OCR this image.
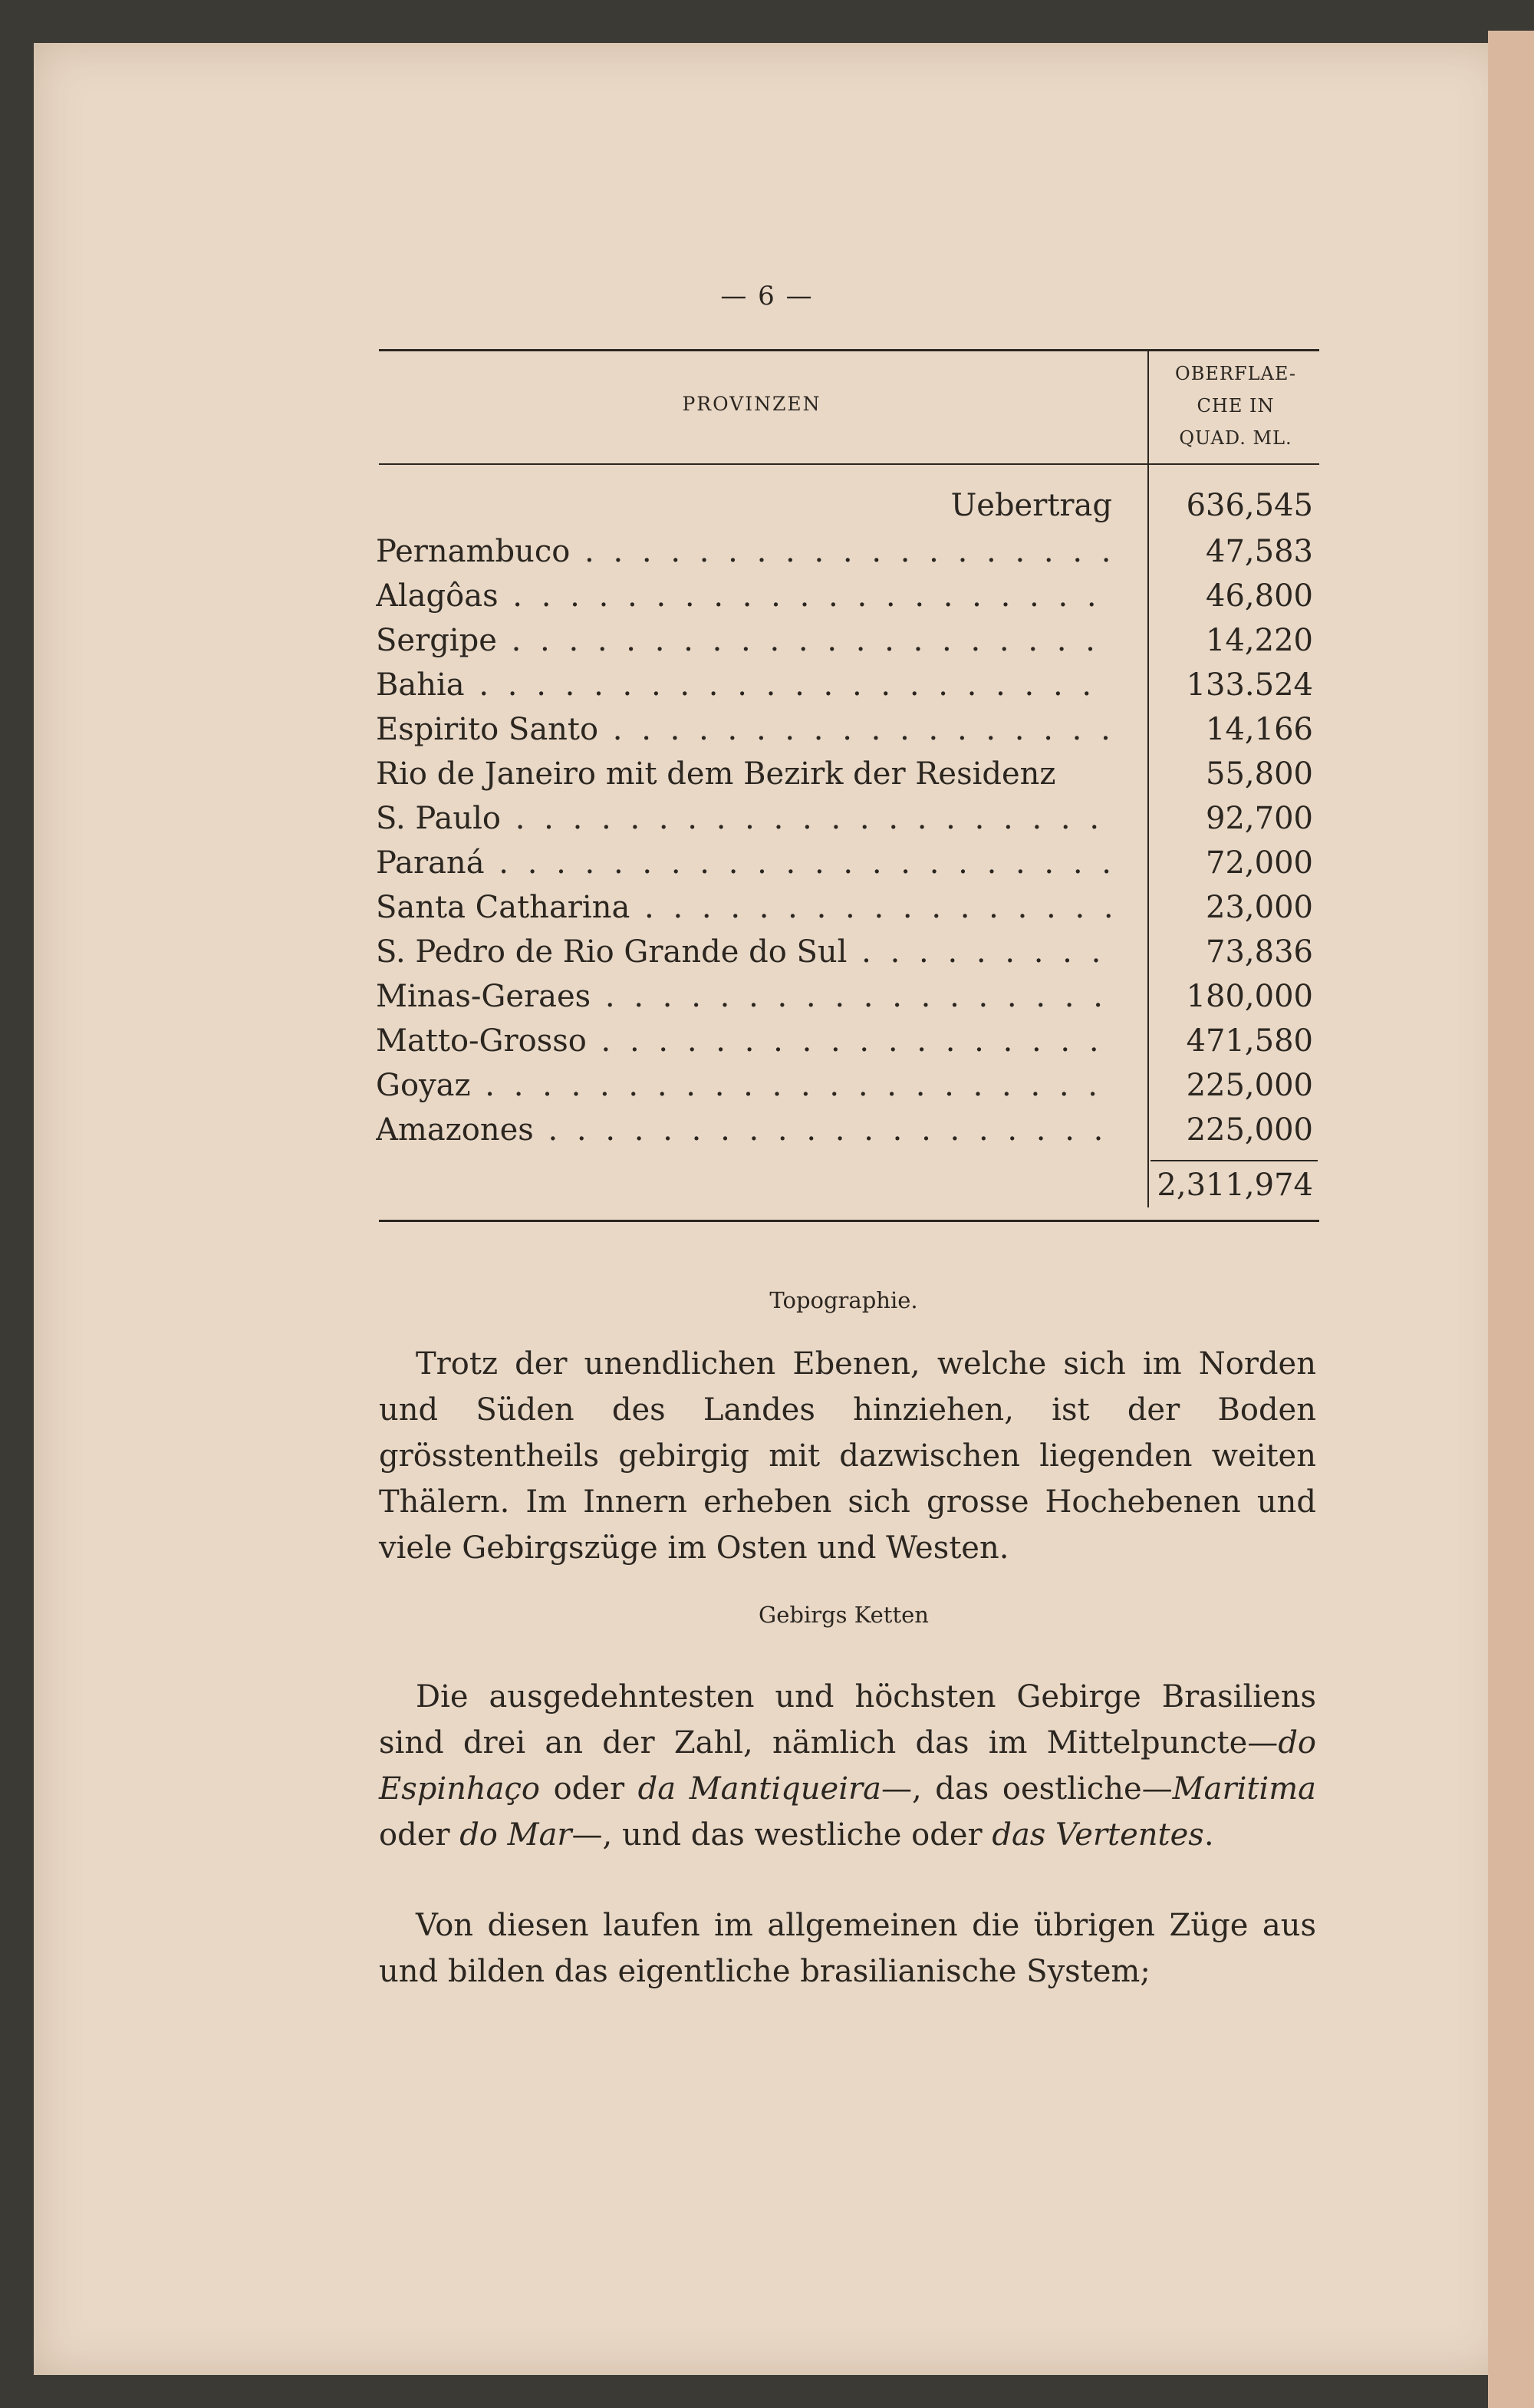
— 6 —
PROVINZEN
OBERFLAE-
CHE IN
QUAD. ML.
Uebertrag	636,545
Pernambuco . . .	47,583
Alagôas . . .	46,800
Sergipe . . .	14,220
Bahia . . .	133.524
Espirito Santo . . .	14,166
Rio de Janeiro mit dem Bezirk der Residenz	55,800
S. Paulo . . .	92,700
Paraná . . .	72,000
Santa Catharina . . .	23,000
S. Pedro de Rio Grande do Sul . . .	73,836
Minas-Geraes . . .	180,000
Matto-Grosso . . .	471,580
Goyaz . . .	225,000
Amazones . . .	225,000
2,311,974
Topographie.

Trotz der unendlichen Ebenen, welche sich im Norden und Süden des Landes hinziehen, ist der Boden grösstentheils gebirgig mit dazwischen liegenden weiten Thälern. Im Innern erheben sich grosse Hochebenen und viele Gebirgszüge im Osten und Westen.

Gebirgs Ketten

Die ausgedehntesten und höchsten Gebirge Brasiliens sind drei an der Zahl, nämlich das im Mittelpuncte—do Espinhaço oder da Mantiqueira—, das oestliche—Maritima oder do Mar—, und das westliche oder das Vertentes.

Von diesen laufen im allgemeinen die übrigen Züge aus und bilden das eigentliche brasilianische System;
